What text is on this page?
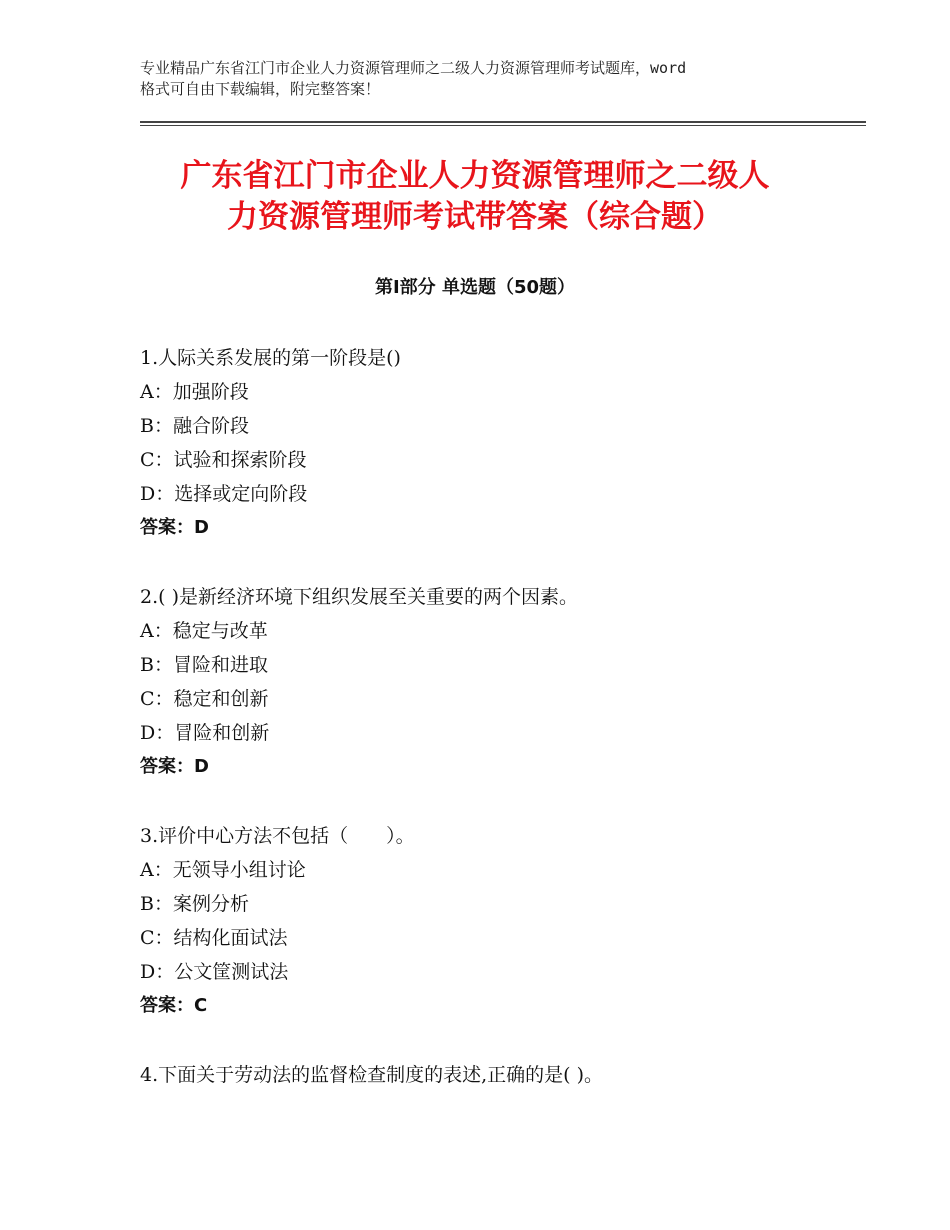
专业精品广东省江门市企业人力资源管理师之二级人力资源管理师考试题库，word
格式可自由下载编辑，附完整答案！
广东省江门市企业人力资源管理师之二级人
力资源管理师考试带答案（综合题）
第Ⅰ部分 单选题（50题）
1.人际关系发展的第一阶段是()
A：加强阶段
B：融合阶段
C：试验和探索阶段
D：选择或定向阶段
答案：D
2.( )是新经济环境下组织发展至关重要的两个因素。
A：稳定与改革
B：冒险和进取
C：稳定和创新
D：冒险和创新
答案：D
3.评价中心方法不包括（　　）。
A：无领导小组讨论
B：案例分析
C：结构化面试法
D：公文筐测试法
答案：C
4.下面关于劳动法的监督检查制度的表述,正确的是( )。
